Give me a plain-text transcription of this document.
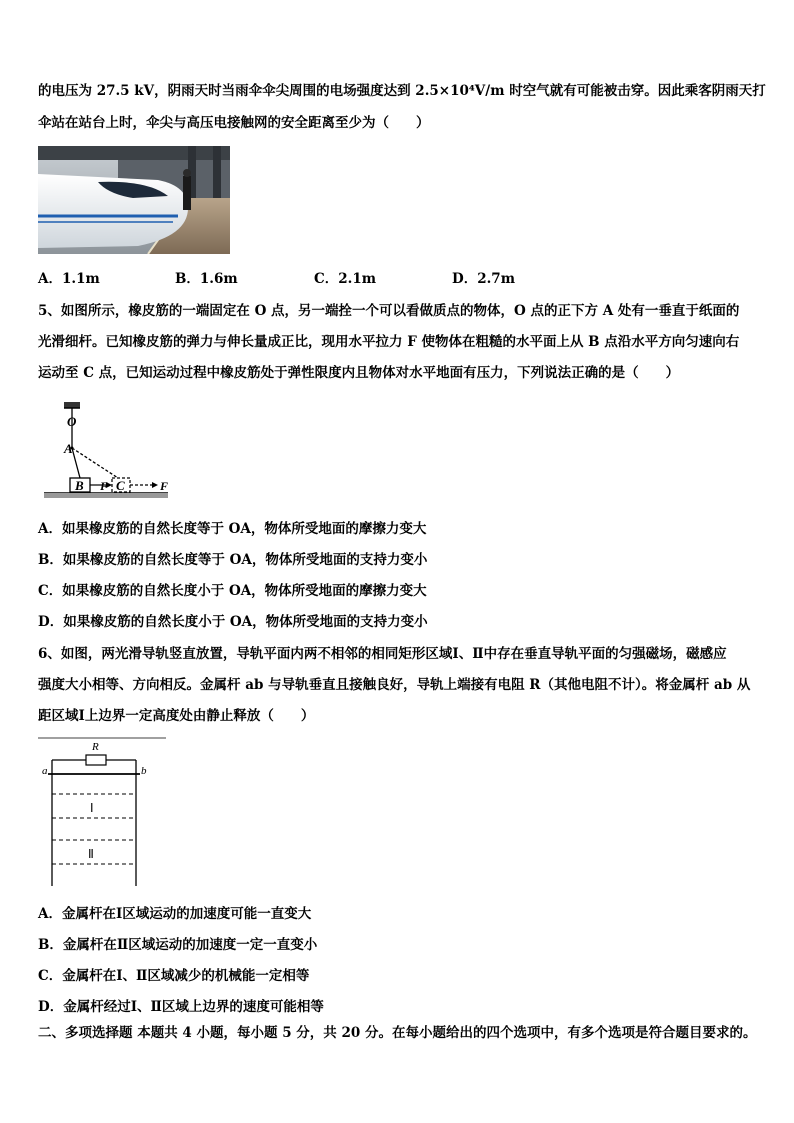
的电压为 27.5 kV，阴雨天时当雨伞伞尖周围的电场强度达到 2.5×10⁴V/m 时空气就有可能被击穿。因此乘客阴雨天打
伞站在站台上时，伞尖与高压电接触网的安全距离至少为（　　）
A．1.1m	B．1.6m	C．2.1m	D．2.7m
5、如图所示，橡皮筋的一端固定在 O 点，另一端拴一个可以看做质点的物体，O 点的正下方 A 处有一垂直于纸面的
光滑细杆。已知橡皮筋的弹力与伸长量成正比，现用水平拉力 F 使物体在粗糙的水平面上从 B 点沿水平方向匀速向右
运动至 C 点，已知运动过程中橡皮筋处于弹性限度内且物体对水平地面有压力，下列说法正确的是（　　）
O
A
B C
F	F
A．如果橡皮筋的自然长度等于 OA，物体所受地面的摩擦力变大
B．如果橡皮筋的自然长度等于 OA，物体所受地面的支持力变小
C．如果橡皮筋的自然长度小于 OA，物体所受地面的摩擦力变大
D．如果橡皮筋的自然长度小于 OA，物体所受地面的支持力变小
6、如图，两光滑导轨竖直放置，导轨平面内两不相邻的相同矩形区域Ⅰ、Ⅱ中存在垂直导轨平面的匀强磁场，磁感应
强度大小相等、方向相反。金属杆 ab 与导轨垂直且接触良好，导轨上端接有电阻 R（其他电阻不计）。将金属杆 ab 从
距区域Ⅰ上边界一定高度处由静止释放（　　）
R
a	b
Ⅰ
Ⅱ
A．金属杆在Ⅰ区域运动的加速度可能一直变大
B．金属杆在Ⅱ区域运动的加速度一定一直变小
C．金属杆在Ⅰ、Ⅱ区域减少的机械能一定相等
D．金属杆经过Ⅰ、Ⅱ区域上边界的速度可能相等
二、多项选择题 本题共 4 小题，每小题 5 分，共 20 分。在每小题给出的四个选项中，有多个选项是符合题目要求的。
